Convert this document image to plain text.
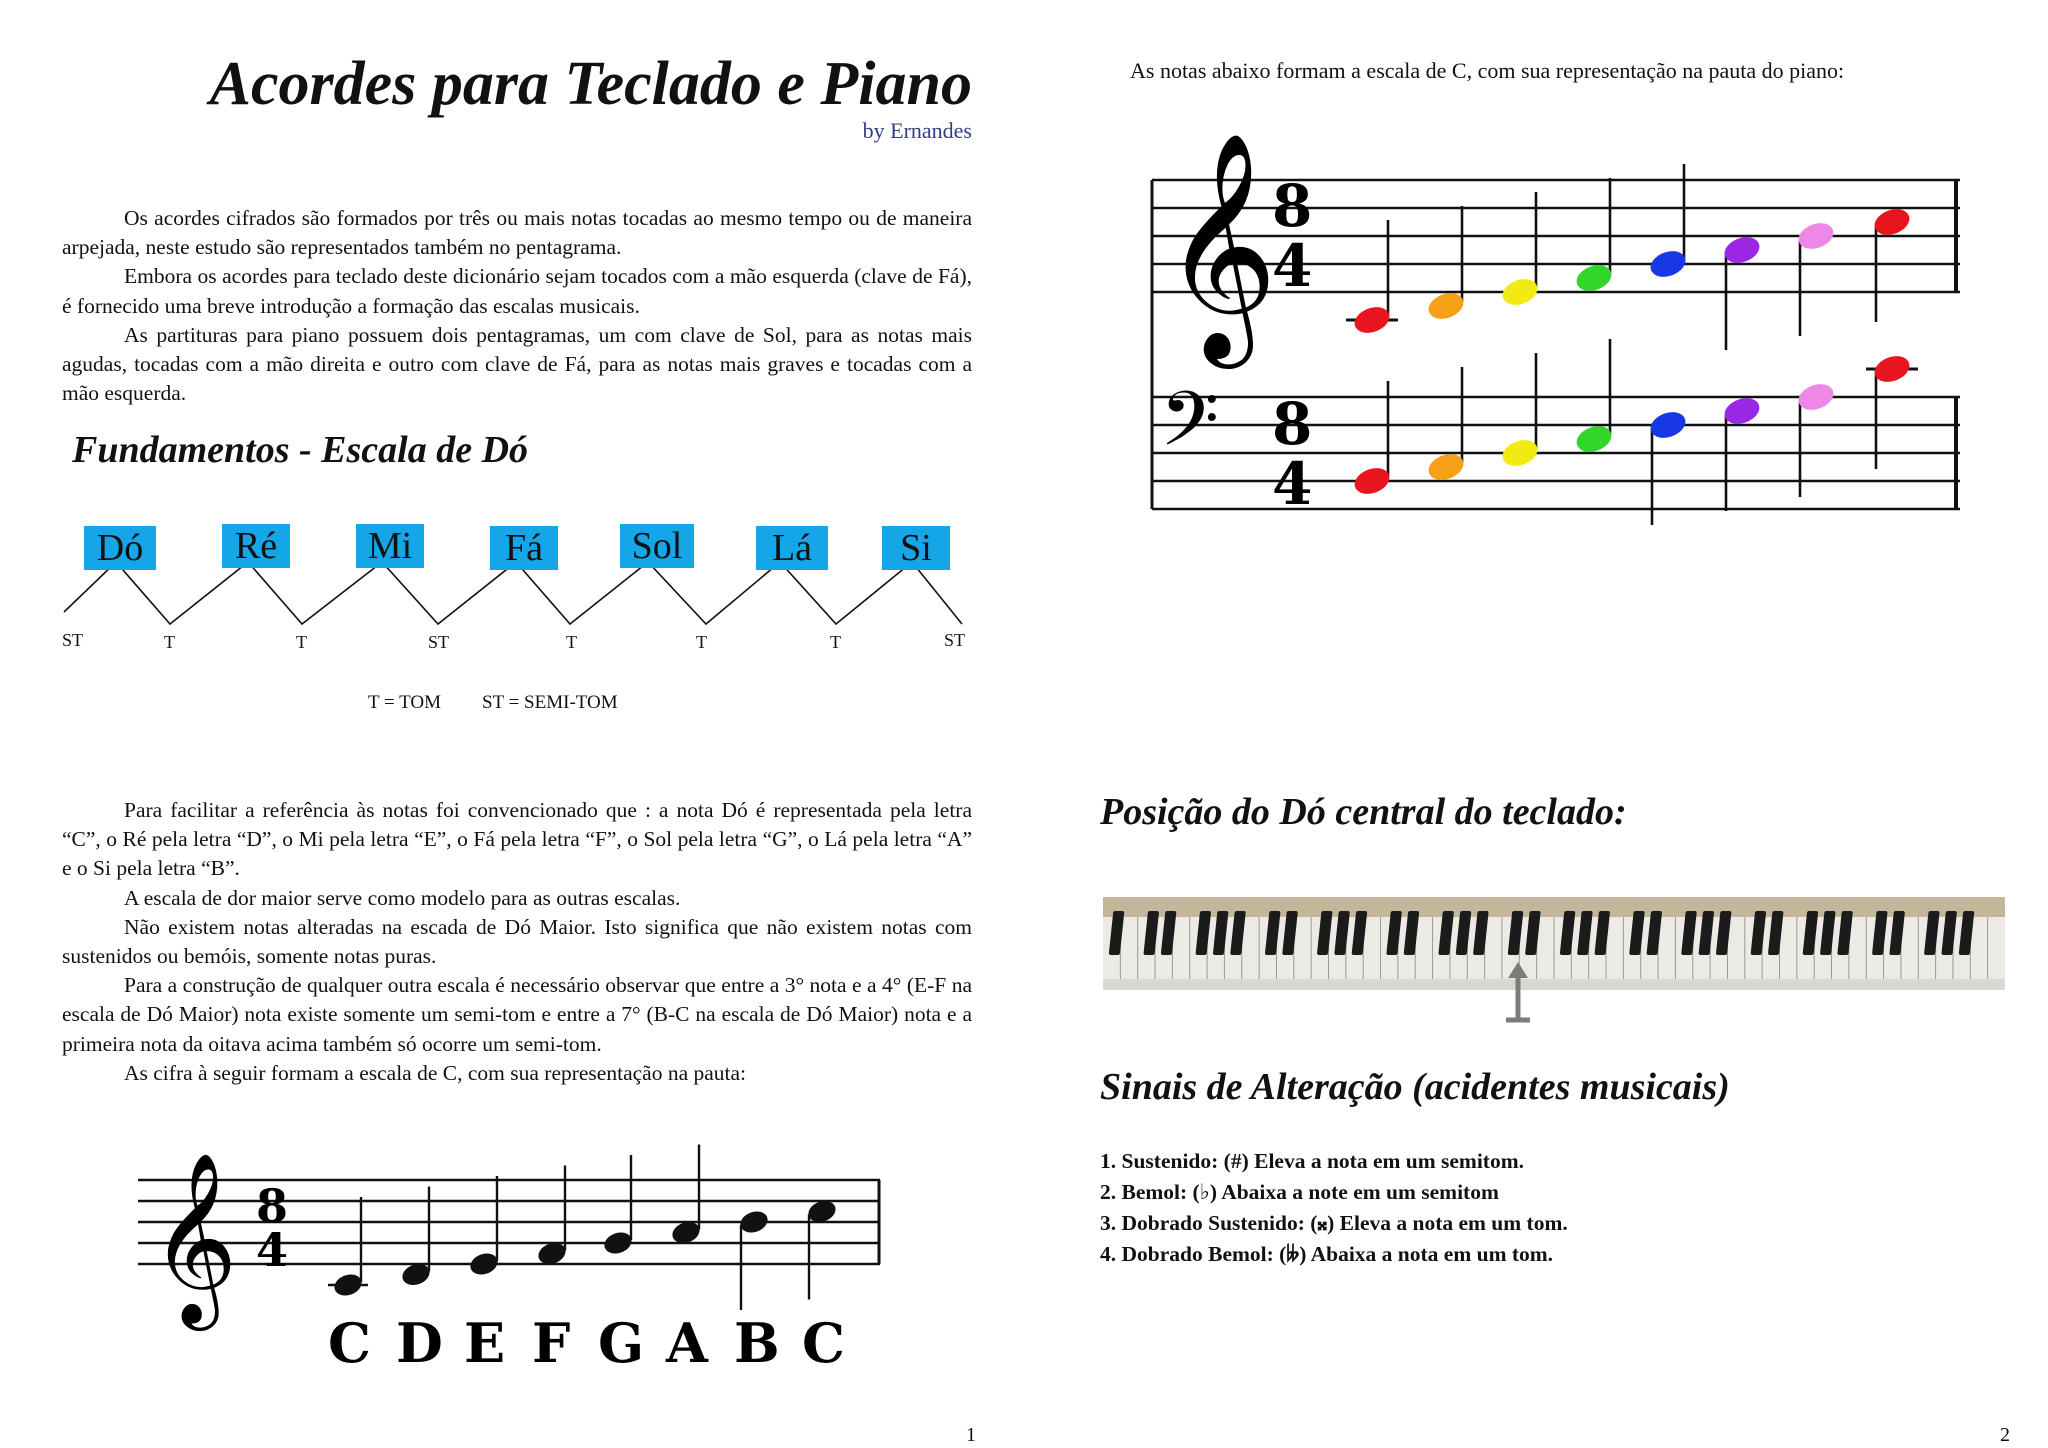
Acordes para Teclado e Piano
by Ernandes

Os acordes cifrados são formados por três ou mais notas tocadas ao mesmo tempo ou de maneira arpejada, neste estudo são representados também no pentagrama.

Embora os acordes para teclado deste dicionário sejam tocados com a mão esquerda (clave de Fá), é fornecido uma breve introdução a formação das escalas musicais.

As partituras para piano possuem dois pentagramas, um com clave de Sol, para as notas mais agudas, tocadas com a mão direita e outro com clave de Fá, para as notas mais graves e tocadas com a mão esquerda.

Fundamentos - Escala de Dó
Dó	Ré	Mi	Fá	Sol	Lá	Si
ST	T	T	ST	T	T	T	ST
T = TOM ST = SEMI-TOM

Para facilitar a referência às notas foi convencionado que : a nota Dó é representada pela letra “C”, o Ré pela letra “D”, o Mi pela letra “E”, o Fá pela letra “F”, o Sol pela letra “G”, o Lá pela letra “A” e o Si pela letra “B”.

A escala de dor maior serve como modelo para as outras escalas.

Não existem notas alteradas na escada de Dó Maior. Isto significa que não existem notas com sustenidos ou bemóis, somente notas puras.

Para a construção de qualquer outra escala é necessário observar que entre a 3° nota e a 4° (E-F na escala de Dó Maior) nota existe somente um semi-tom e entre a 7° (B-C na escala de Dó Maior) nota e a primeira nota da oitava acima também só ocorre um semi-tom.

As cifra à seguir formam a escala de C, com sua representação na pauta:

𝄞 8
4
C D E F G A B C
1
As notas abaixo formam a escala de C, com sua representação na pauta do piano:
𝄞
𝄢
8
4
8
4
Posição do Dó central do teclado:
Sinais de Alteração (acidentes musicais)
1. Sustenido: (#) Eleva a nota em um semitom.
2. Bemol: (♭) Abaixa a note em um semitom
3. Dobrado Sustenido: (𝄪) Eleva a nota em um tom.
4. Dobrado Bemol: (𝄫) Abaixa a nota em um tom.
2
